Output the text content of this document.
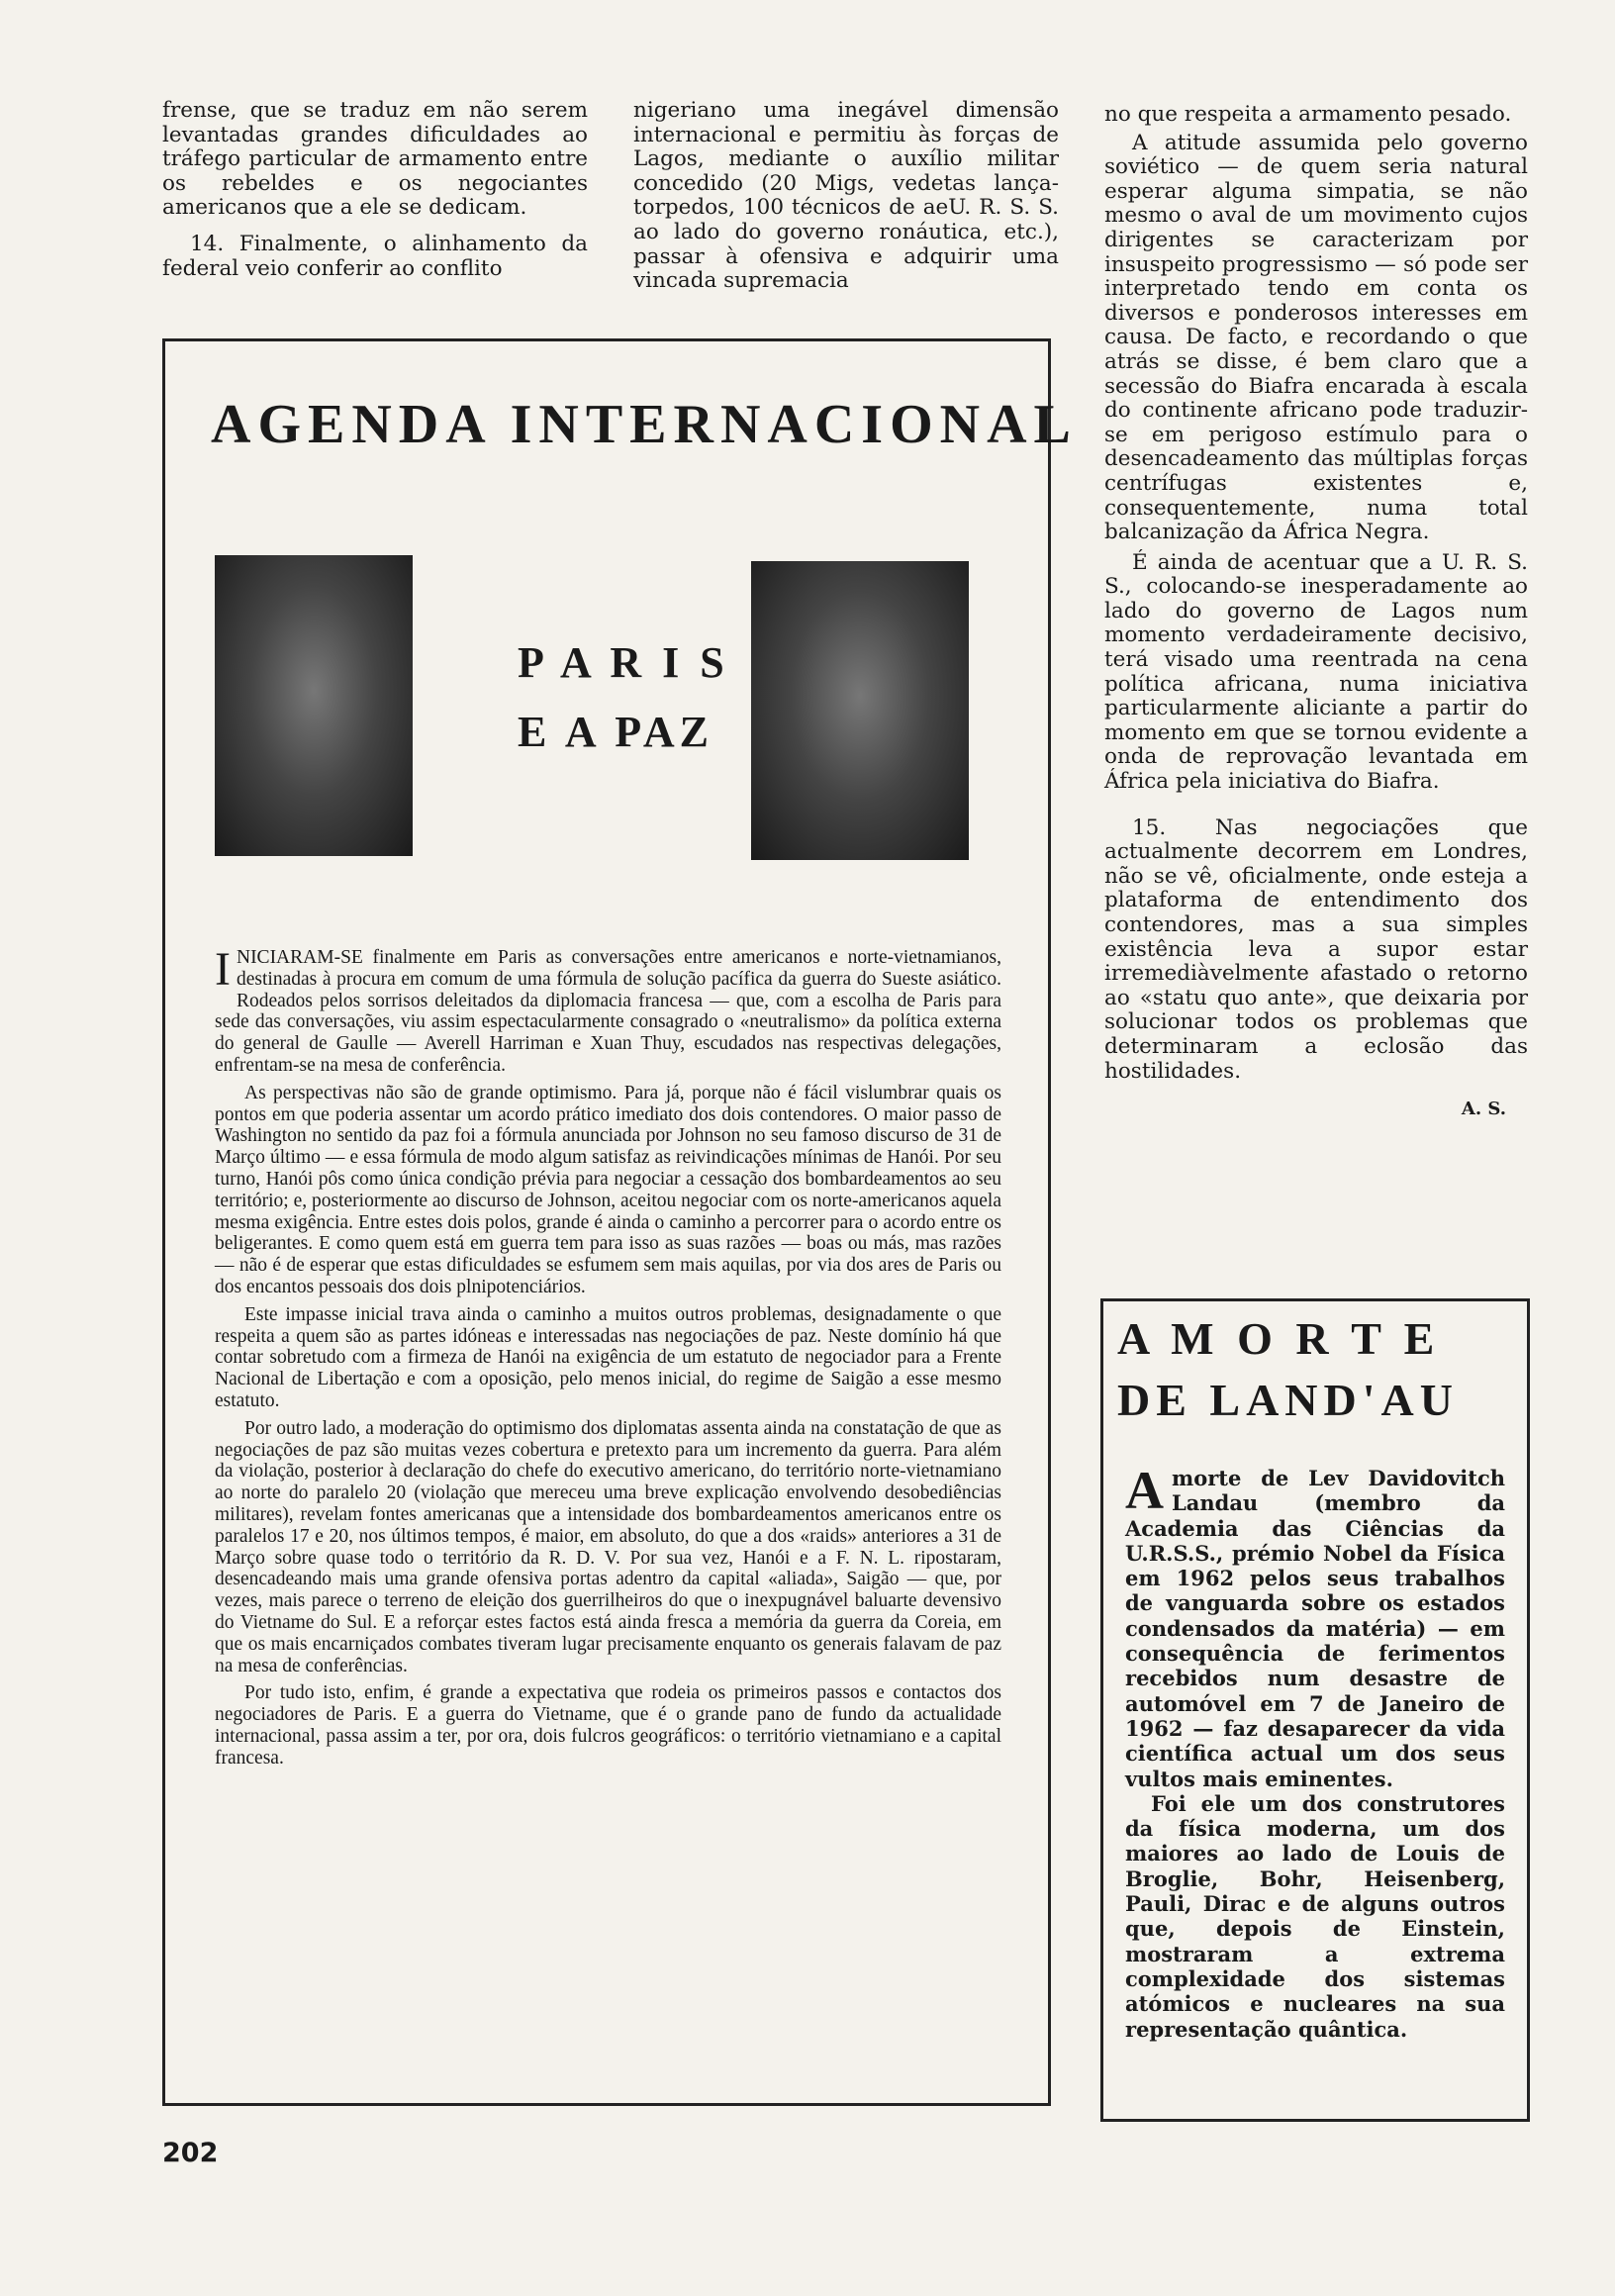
frense, que se traduz em não serem levantadas grandes dificuldades ao tráfego particular de armamento entre os rebeldes e os negociantes americanos que a ele se dedicam.

14. Finalmente, o alinhamento da federal veio conferir ao conflito

nigeriano uma inegável dimensão internacional e permitiu às forças de Lagos, mediante o auxílio militar concedido (20 Migs, vedetas lança-torpedos, 100 técnicos de aeU. R. S. S. ao lado do governo ronáutica, etc.), passar à ofensiva e adquirir uma vincada supremacia

no que respeita a armamento pesado.

A atitude assumida pelo governo soviético — de quem seria natural esperar alguma simpatia, se não mesmo o aval de um movimento cujos dirigentes se caracterizam por insuspeito progressismo — só pode ser interpretado tendo em conta os diversos e ponderosos interesses em causa. De facto, e recordando o que atrás se disse, é bem claro que a secessão do Biafra encarada à escala do continente africano pode traduzir-se em perigoso estímulo para o desencadeamento das múltiplas forças centrífugas existentes e, consequentemente, numa total balcanização da África Negra.

É ainda de acentuar que a U. R. S. S., colocando-se inesperadamente ao lado do governo de Lagos num momento verdadeiramente decisivo, terá visado uma reentrada na cena política africana, numa iniciativa particularmente aliciante a partir do momento em que se tornou evidente a onda de reprovação levantada em África pela iniciativa do Biafra.

15. Nas negociações que actualmente decorrem em Londres, não se vê, oficialmente, onde esteja a plataforma de entendimento dos contendores, mas a sua simples existência leva a supor estar irremediàvelmente afastado o retorno ao «statu quo ante», que deixaria por solucionar todos os problemas que determinaram a eclosão das hostilidades.

A. S.

AGENDA INTERNACIONAL
P A R I S
E A PAZ

I NICIARAM-SE finalmente em Paris as conversações entre americanos e norte-vietnamianos, destinadas à procura em comum de uma fórmula de solução pacífica da guerra do Sueste asiático. Rodeados pelos sorrisos deleitados da diplomacia francesa — que, com a escolha de Paris para sede das conversações, viu assim espectacularmente consagrado o «neutralismo» da política externa do general de Gaulle — Averell Harriman e Xuan Thuy, escudados nas respectivas delegações, enfrentam-se na mesa de conferência.

As perspectivas não são de grande optimismo. Para já, porque não é fácil vislumbrar quais os pontos em que poderia assentar um acordo prático imediato dos dois contendores. O maior passo de Washington no sentido da paz foi a fórmula anunciada por Johnson no seu famoso discurso de 31 de Março último — e essa fórmula de modo algum satisfaz as reivindicações mínimas de Hanói. Por seu turno, Hanói pôs como única condição prévia para negociar a cessação dos bombardeamentos ao seu território; e, posteriormente ao discurso de Johnson, aceitou negociar com os norte-americanos aquela mesma exigência. Entre estes dois polos, grande é ainda o caminho a percorrer para o acordo entre os beligerantes. E como quem está em guerra tem para isso as suas razões — boas ou más, mas razões — não é de esperar que estas dificuldades se esfumem sem mais aquilas, por via dos ares de Paris ou dos encantos pessoais dos dois plnipotenciários.

Este impasse inicial trava ainda o caminho a muitos outros problemas, designadamente o que respeita a quem são as partes idóneas e interessadas nas negociações de paz. Neste domínio há que contar sobretudo com a firmeza de Hanói na exigência de um estatuto de negociador para a Frente Nacional de Libertação e com a oposição, pelo menos inicial, do regime de Saigão a esse mesmo estatuto.

Por outro lado, a moderação do optimismo dos diplomatas assenta ainda na constatação de que as negociações de paz são muitas vezes cobertura e pretexto para um incremento da guerra. Para além da violação, posterior à declaração do chefe do executivo americano, do território norte-vietnamiano ao norte do paralelo 20 (violação que mereceu uma breve explicação envolvendo desobediências militares), revelam fontes americanas que a intensidade dos bombardeamentos americanos entre os paralelos 17 e 20, nos últimos tempos, é maior, em absoluto, do que a dos «raids» anteriores a 31 de Março sobre quase todo o território da R. D. V. Por sua vez, Hanói e a F. N. L. ripostaram, desencadeando mais uma grande ofensiva portas adentro da capital «aliada», Saigão — que, por vezes, mais parece o terreno de eleição dos guerrilheiros do que o inexpugnável baluarte devensivo do Vietname do Sul. E a reforçar estes factos está ainda fresca a memória da guerra da Coreia, em que os mais encarniçados combates tiveram lugar precisamente enquanto os generais falavam de paz na mesa de conferências.

Por tudo isto, enfim, é grande a expectativa que rodeia os primeiros passos e contactos dos negociadores de Paris. E a guerra do Vietname, que é o grande pano de fundo da actualidade internacional, passa assim a ter, por ora, dois fulcros geográficos: o território vietnamiano e a capital francesa.

A M O R T E
DE LAND'AU

A morte de Lev Davidovitch Landau (membro da Academia das Ciências da U.R.S.S., prémio Nobel da Física em 1962 pelos seus trabalhos de vanguarda sobre os estados condensados da matéria) — em consequência de ferimentos recebidos num desastre de automóvel em 7 de Janeiro de 1962 — faz desaparecer da vida científica actual um dos seus vultos mais eminentes.

Foi ele um dos construtores da física moderna, um dos maiores ao lado de Louis de Broglie, Bohr, Heisenberg, Pauli, Dirac e de alguns outros que, depois de Einstein, mostraram a extrema complexidade dos sistemas atómicos e nucleares na sua representação quântica.

202
